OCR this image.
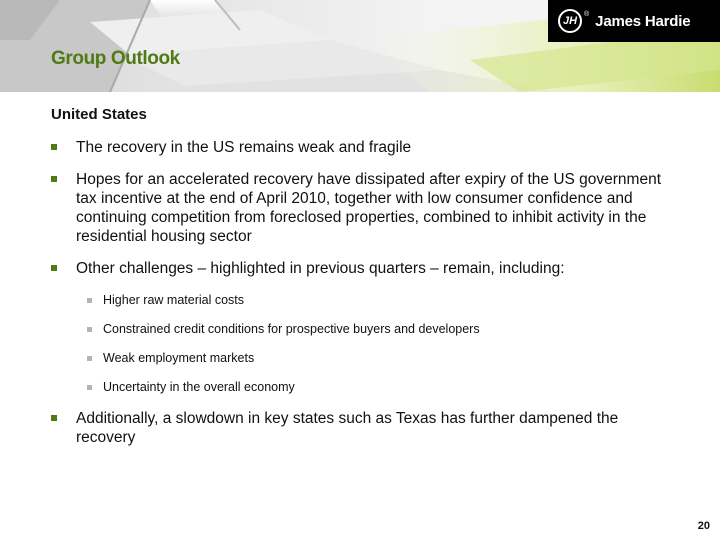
JH
® James Hardie
Group Outlook
United States
The recovery in the US remains weak and fragile
Hopes for an accelerated recovery have dissipated after expiry of the US government tax incentive at the end of April 2010, together with low consumer confidence and continuing competition from foreclosed properties, combined to inhibit activity in the residential housing sector
Other challenges – highlighted in previous quarters – remain, including:
Higher raw material costs
Constrained credit conditions for prospective buyers and developers
Weak employment markets
Uncertainty in the overall economy
Additionally, a slowdown in key states such as Texas has further dampened the recovery
20
